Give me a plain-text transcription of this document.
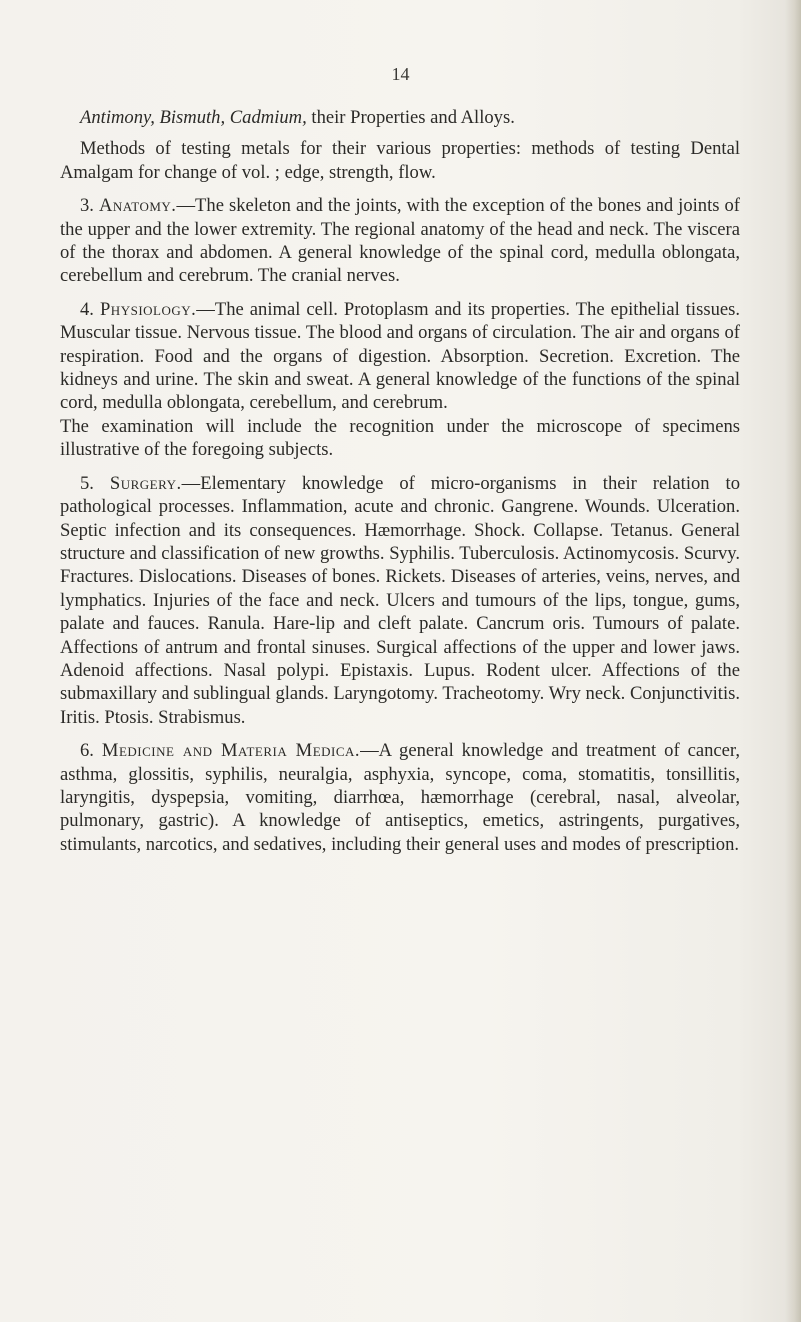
14

Antimony, Bismuth, Cadmium, their Properties and Alloys.

Methods of testing metals for their various properties: methods of testing Dental Amalgam for change of vol. ; edge, strength, flow.

3. Anatomy.—The skeleton and the joints, with the exception of the bones and joints of the upper and the lower extremity. The regional anatomy of the head and neck. The viscera of the thorax and abdomen. A general knowledge of the spinal cord, medulla oblongata, cerebellum and cerebrum. The cranial nerves.

4. Physiology.—The animal cell. Protoplasm and its properties. The epithelial tissues. Muscular tissue. Nervous tissue. The blood and organs of circulation. The air and organs of respiration. Food and the organs of digestion. Absorption. Secretion. Excretion. The kidneys and urine. The skin and sweat. A general knowledge of the functions of the spinal cord, medulla oblongata, cerebellum, and cerebrum.

The examination will include the recognition under the microscope of specimens illustrative of the foregoing subjects.

5. Surgery.—Elementary knowledge of micro-organisms in their relation to pathological processes. Inflammation, acute and chronic. Gangrene. Wounds. Ulceration. Septic infection and its consequences. Hæmorrhage. Shock. Collapse. Tetanus. General structure and classification of new growths. Syphilis. Tuberculosis. Actinomycosis. Scurvy. Fractures. Dislocations. Diseases of bones. Rickets. Diseases of arteries, veins, nerves, and lymphatics. Injuries of the face and neck. Ulcers and tumours of the lips, tongue, gums, palate and fauces. Ranula. Hare-lip and cleft palate. Cancrum oris. Tumours of palate. Affections of antrum and frontal sinuses. Surgical affections of the upper and lower jaws. Adenoid affections. Nasal polypi. Epistaxis. Lupus. Rodent ulcer. Affections of the submaxillary and sublingual glands. Laryngotomy. Tracheotomy. Wry neck. Conjunctivitis. Iritis. Ptosis. Strabismus.

6. Medicine and Materia Medica.—A general knowledge and treatment of cancer, asthma, glossitis, syphilis, neuralgia, asphyxia, syncope, coma, stomatitis, tonsillitis, laryngitis, dyspepsia, vomiting, diarrhœa, hæmorrhage (cerebral, nasal, alveolar, pulmonary, gastric). A knowledge of antiseptics, emetics, astringents, purgatives, stimulants, narcotics, and sedatives, including their general uses and modes of prescription.
